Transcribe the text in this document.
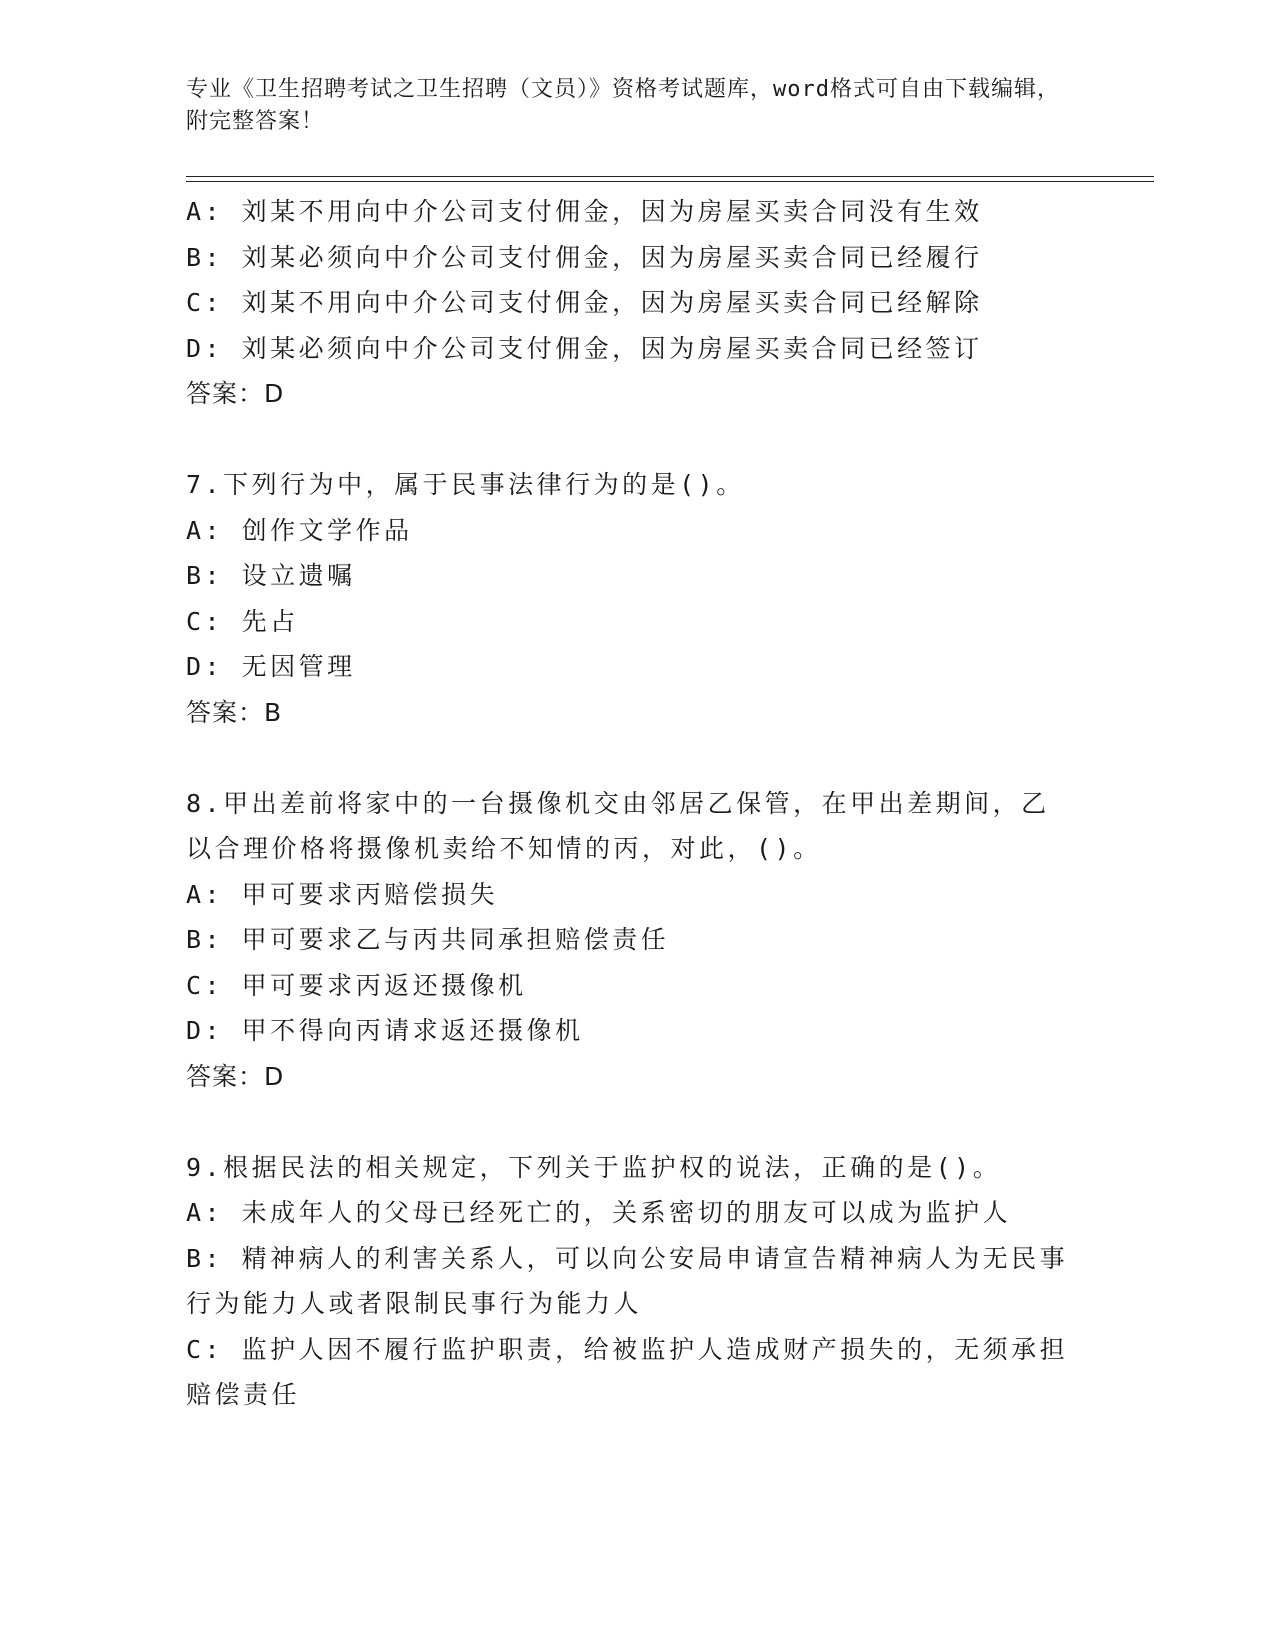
专业《卫生招聘考试之卫生招聘（文员）》资格考试题库，word格式可自由下载编辑，附完整答案！

A: 刘某不用向中介公司支付佣金，因为房屋买卖合同没有生效

B: 刘某必须向中介公司支付佣金，因为房屋买卖合同已经履行

C: 刘某不用向中介公司支付佣金，因为房屋买卖合同已经解除

D: 刘某必须向中介公司支付佣金，因为房屋买卖合同已经签订

答案：D

7.下列行为中，属于民事法律行为的是()。

A: 创作文学作品

B: 设立遗嘱

C: 先占

D: 无因管理

答案：B

8.甲出差前将家中的一台摄像机交由邻居乙保管，在甲出差期间，乙以合理价格将摄像机卖给不知情的丙，对此，()。

A: 甲可要求丙赔偿损失

B: 甲可要求乙与丙共同承担赔偿责任

C: 甲可要求丙返还摄像机

D: 甲不得向丙请求返还摄像机

答案：D

9.根据民法的相关规定，下列关于监护权的说法，正确的是()。

A: 未成年人的父母已经死亡的，关系密切的朋友可以成为监护人

B: 精神病人的利害关系人，可以向公安局申请宣告精神病人为无民事行为能力人或者限制民事行为能力人

C: 监护人因不履行监护职责，给被监护人造成财产损失的，无须承担赔偿责任
